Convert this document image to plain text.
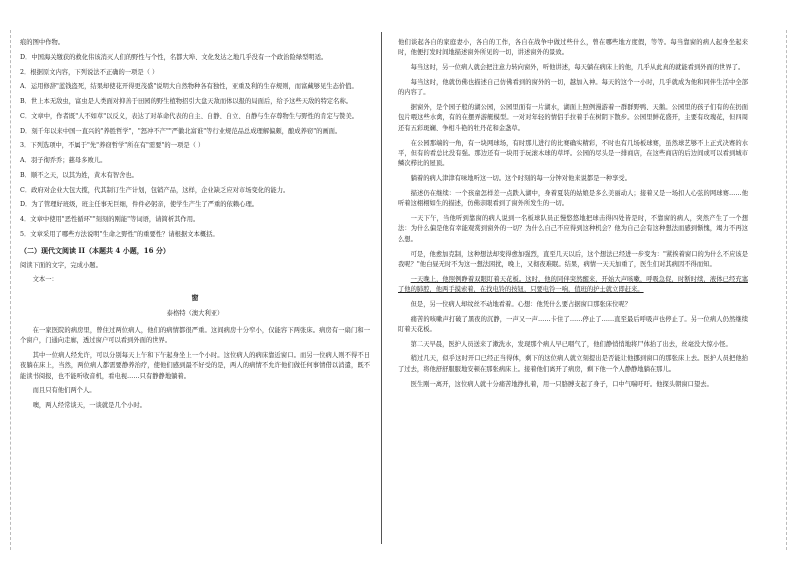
痕的图中作物。

D．中国海关缴获的救化伟该消灭人们的野性与个性，名都大埠、文化发达之地几乎没有一个政治险绿型明适。

2．根据原文内容，下列说法不正确的一项是（ ）

A．运用修辞"蓝钱盗死，结果却使花开得更茂盛"说明大自然物种各有独性，亚重及利的生存规则，而富藏够见生态价值。

B．世上本无敌虫，富虫是人类面对抑善于田园的野生植物招引大盘天敌而体以报的局面后，给予这些天敌的特定名称。

C．文章中，作者既"人不如草"以反义，表达了对革命代表的自主、自静、自立、自静与生存尊物生与野性的肯定与赞美。

D．刻千年以来中国一直兴的"养胜哲学"，"怒冲不产""严徽北富谁"等行业规范品总成理解偏颇，酿成养窃"的画面。

3．下列选项中，不属于"先"养窃哲学"所在有"需要"的一项是（ ）

A．羽子彻乔乔；慈母多败儿。

B．顺不之天，以其为姓，黄木有智舍也。

C．政府对企业大包大揽，代其制订生产计划，包销产品，这样，企业缺乏应对市场变化的能力。

D．为了管理好班级，班主任事无巨细，件件必躬亲，使学生产生了严重的依赖心理。

4．文章中使用"恶性循环""刻刻的刚能"等词语，请简析其作用。

5．文章采用了哪些方法说明"生命之野性"的重要性？请根据文本概括。

（二）现代文阅读 II（本题共 4 小题，16 分）

阅读下面的文字，完成小题。

文本一：

窗
泰格特（澳大利亚）

在一家医院的病房里，曾住过两位病人，他们的病情都很严重。这间病房十分窄小，仅能容下两张床。病房有一扇门和一个窗户，门通向走廊，透过窗户可以看到外面的世界。

其中一位病人经允许，可以分别每天上午和下午起身坐上一个小时。这位病人的病床靠近窗口。而另一位病人则不得不日夜躺在床上，当然，两位病人都需要静养治疗，使他们感到最不好受的是，两人的病情不允许他们做任何事情借以消遣，既不能读书阅报，也不能听收音机，看电视……只有静静地躺着。

而且只有他们两个人。

噢，两人经常谈天，一谈就是几个小时。

他们谈起各自的家庭妻小，各自的工作，各自在战争中做过些什么，曾在哪些地方度假，等等。每当靠窗的病人起身坐起来时，他便打发时间地描述窗外所见的一切，讲述窗外的景致。

每当这时，另一位病人就会把注意力转向窗外，听他讲述，每天躺在病床上的他，几乎从此真的就能看到外面的世界了。

每当这时，他就仿佛也描述自己仿佛看到的窗外的一切，越加入神。每天的这个一小时，几乎就成为他和同伴生活中全部的内容了。

据窗外，是个园子般的湖公园，公园里面有一片湖水，湖面上照例漫游着一群群野鸭、天鹅。公园里的孩子们有的在扔面包片喂这些水禽，有的在摆弄游艇模型。一对对年轻的情侣手拉着手在树阴下散步。公园里鲜花盛开，主要有玫瑰花，但四周还有五彩斑斓、争相斗艳的牡丹花和金盏草。

在公园那端的一角，有一块网球场，有时那儿进行的比赛确实精彩，不时也有几场板球赛，虽然球艺够不上正式决赛的水平，但有的看总比没有强。那边还有一块用于玩滚木球的草坪。公园的尽头是一排商店，在这些商店的后边间或可以看到城市鳞次栉比的屋顶。

躺着的病人津津有味地听这一切。这个时刻的每一分钟对他来说都是一种享受。

描述仍在继续：一个孩童怎样差一点跌入湖中，身着夏装的姑娘是多么美丽动人；接着又是一场扣人心弦的网球赛……他听着这栩栩如生的描述，仿佛亲眼看到了窗外所发生的一切。

一天下午，当他听到靠窗的病人说到一名板球队员正慢悠悠地把球击得四处皆是时，不靠窗的病人，突然产生了一个想法：为什么偏是他有幸能观赏到窗外的一切？为什么自己不应得到这种机会？他为自己会有这种想法而感到惭愧，竭力不再这么想。

可是，他愈加克制，这种想法却变得愈加强烈，直至几天以后，这个想法已经进一步变为："紧挨着窗口的为什么不应该是我呢？"他白昼无时不为这一想法困扰，晚上，又彻夜难眠。结果，病情一天天加重了，医生们对其病因不得而知。

一天晚上，他照例睁着双眼盯着天花板。这时，他的同伴突然醒来，开始大声咳嗽，呼吸急促，时断时续，液体已经充塞了他的肺腔，他两手摸索着，在找电铃的按钮，只要电铃一响，值班的护士就立即赶来。

但是，另一位病人却纹丝不动地看着。心想：他凭什么要占据窗口那张床位呢？

痛苦的咳嗽声打破了黑夜的沉静，一声又一声……卡住了……停止了……直至最后呼吸声也停止了。另一位病人仍然继续盯着天花板。

第二天早晨，医护人员送来了漱洗水，发现那个病人早已咽气了，他们静悄悄地将尸体抬了出去，丝毫没大惊小怪。

稍过几天，似乎这时开口已经正当得体，剩下的这位病人就立刻提出是否能让他挪到窗口的那张床上去。医护人员把他抬了过去，将他舒舒服服地安顿在那张病床上。接着他们离开了病房，剩下他一个人静静地躺在那儿。

医生刚一离开，这位病人就十分痛苦地挣扎着，用一只胳膊支起了身子，口中气喘吁吁。他探头朝窗口望去。
